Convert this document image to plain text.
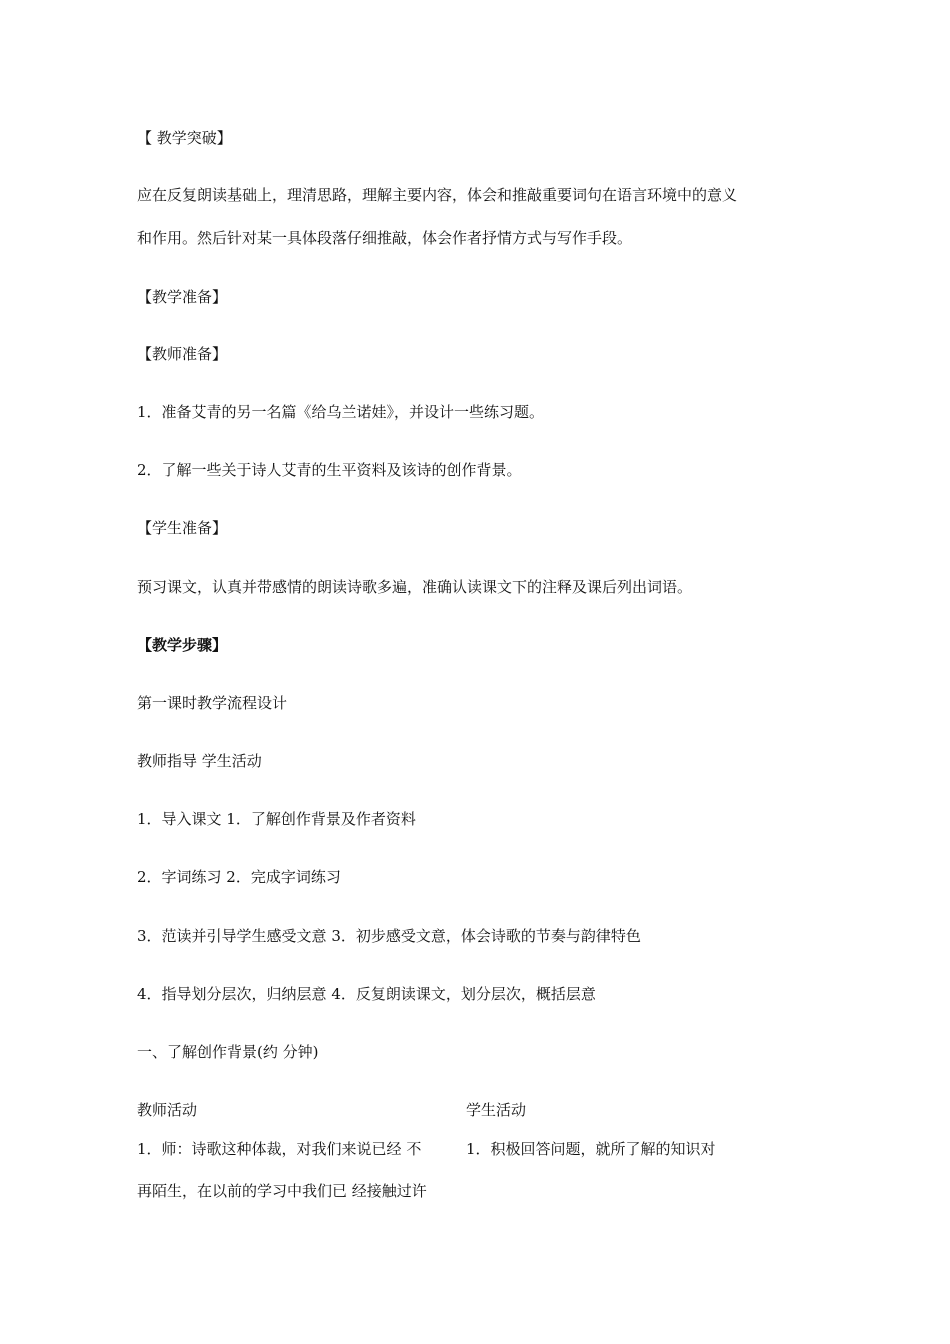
【 教学突破】
应在反复朗读基础上，理清思路，理解主要内容，体会和推敲重要词句在语言环境中的意义
和作用。然后针对某一具体段落仔细推敲，体会作者抒情方式与写作手段。
【教学准备】
【教师准备】
1．准备艾青的另一名篇《给乌兰诺娃》，并设计一些练习题。
2．了解一些关于诗人艾青的生平资料及该诗的创作背景。
【学生准备】
预习课文，认真并带感情的朗读诗歌多遍，准确认读课文下的注释及课后列出词语。
【教学步骤】
第一课时教学流程设计
教师指导 学生活动
1．导入课文 1．了解创作背景及作者资料
2．字词练习 2．完成字词练习
3．范读并引导学生感受文意 3．初步感受文意，体会诗歌的节奏与韵律特色
4．指导划分层次，归纳层意 4．反复朗读课文，划分层次，概括层意
一、了解创作背景(约 分钟)
教师活动	学生活动
1．师：诗歌这种体裁，对我们来说已经 不	1．积极回答问题，就所了解的知识对
再陌生，在以前的学习中我们已 经接触过许
